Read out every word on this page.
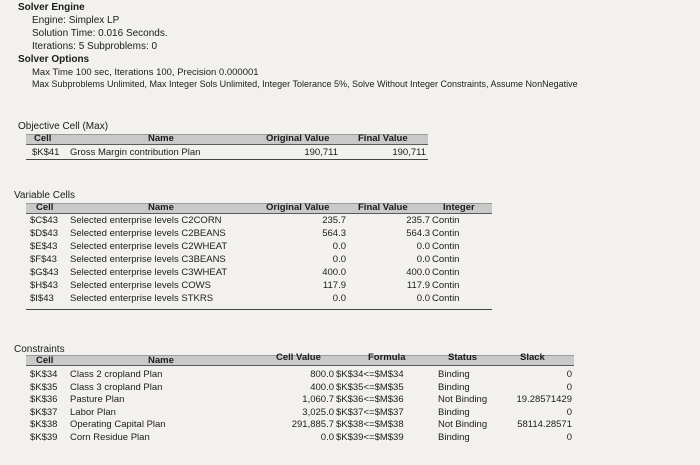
Solver Engine
Engine: Simplex LP
Solution Time: 0.016 Seconds.
Iterations: 5 Subproblems: 0
Solver Options
Max Time 100 sec, Iterations 100, Precision 0.000001
Max Subproblems Unlimited, Max Integer Sols Unlimited, Integer Tolerance 5%, Solve Without Integer Constraints, Assume NonNegative
Objective Cell (Max)
Cell	Name	Original Value	Final Value
$K$41 Gross Margin contribution Plan	190,711	190,711
Variable Cells
Cell	Name	Original Value	Final Value	Integer
$C$43 Selected enterprise levels C2CORN	235.7	235.7 Contin
$D$43 Selected enterprise levels C2BEANS	564.3	564.3 Contin
$E$43 Selected enterprise levels C2WHEAT	0.0	0.0 Contin
$F$43 Selected enterprise levels C3BEANS	0.0	0.0 Contin
$G$43 Selected enterprise levels C3WHEAT	400.0	400.0 Contin
$H$43 Selected enterprise levels COWS	117.9	117.9 Contin
$I$43 Selected enterprise levels STKRS	0.0	0.0 Contin
Constraints
Cell	Name	Cell Value	Formula	Status	Slack
$K$34 Class 2 cropland Plan	800.0 $K$34<=$M$34	Binding	0
$K$35 Class 3 cropland Plan	400.0 $K$35<=$M$35	Binding	0
$K$36 Pasture Plan	1,060.7 $K$36<=$M$36	Not Binding	19.28571429
$K$37 Labor Plan	3,025.0 $K$37<=$M$37	Binding	0
$K$38 Operating Capital Plan	291,885.7 $K$38<=$M$38	Not Binding	58114.28571
$K$39 Corn Residue Plan	0.0 $K$39<=$M$39	Binding	0
